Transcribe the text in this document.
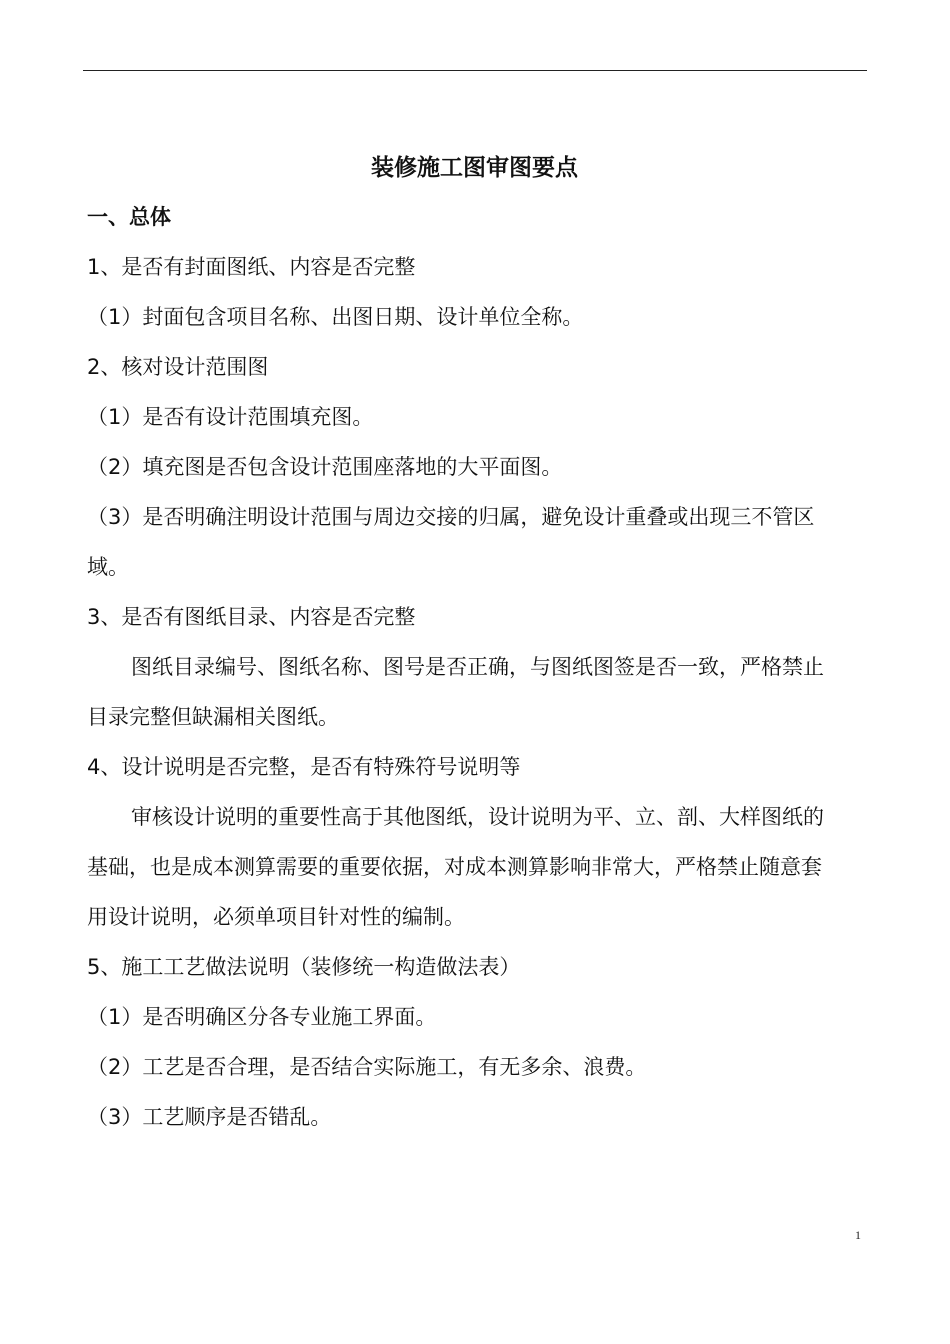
装修施工图审图要点
一、总体

1、是否有封面图纸、内容是否完整

（1）封面包含项目名称、出图日期、设计单位全称。

2、核对设计范围图

（1）是否有设计范围填充图。

（2）填充图是否包含设计范围座落地的大平面图。

（3）是否明确注明设计范围与周边交接的归属，避免设计重叠或出现三不管区

域。

3、是否有图纸目录、内容是否完整

图纸目录编号、图纸名称、图号是否正确，与图纸图签是否一致，严格禁止

目录完整但缺漏相关图纸。

4、设计说明是否完整，是否有特殊符号说明等

审核设计说明的重要性高于其他图纸，设计说明为平、立、剖、大样图纸的

基础，也是成本测算需要的重要依据，对成本测算影响非常大，严格禁止随意套

用设计说明，必须单项目针对性的编制。

5、施工工艺做法说明（装修统一构造做法表）

（1）是否明确区分各专业施工界面。

（2）工艺是否合理，是否结合实际施工，有无多余、浪费。

（3）工艺顺序是否错乱。

1
